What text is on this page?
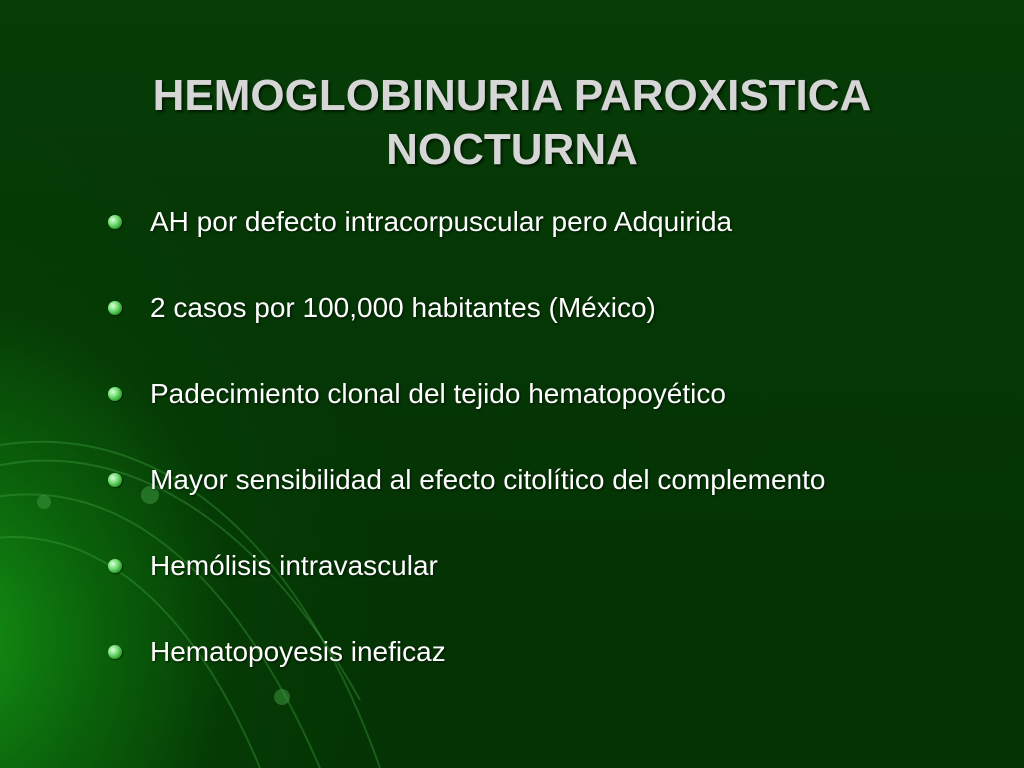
HEMOGLOBINURIA PAROXISTICA
NOCTURNA
AH por defecto intracorpuscular pero Adquirida
2 casos por 100,000 habitantes (México)
Padecimiento clonal del tejido hematopoyético
Mayor sensibilidad al efecto citolítico del complemento
Hemólisis intravascular
Hematopoyesis ineficaz
